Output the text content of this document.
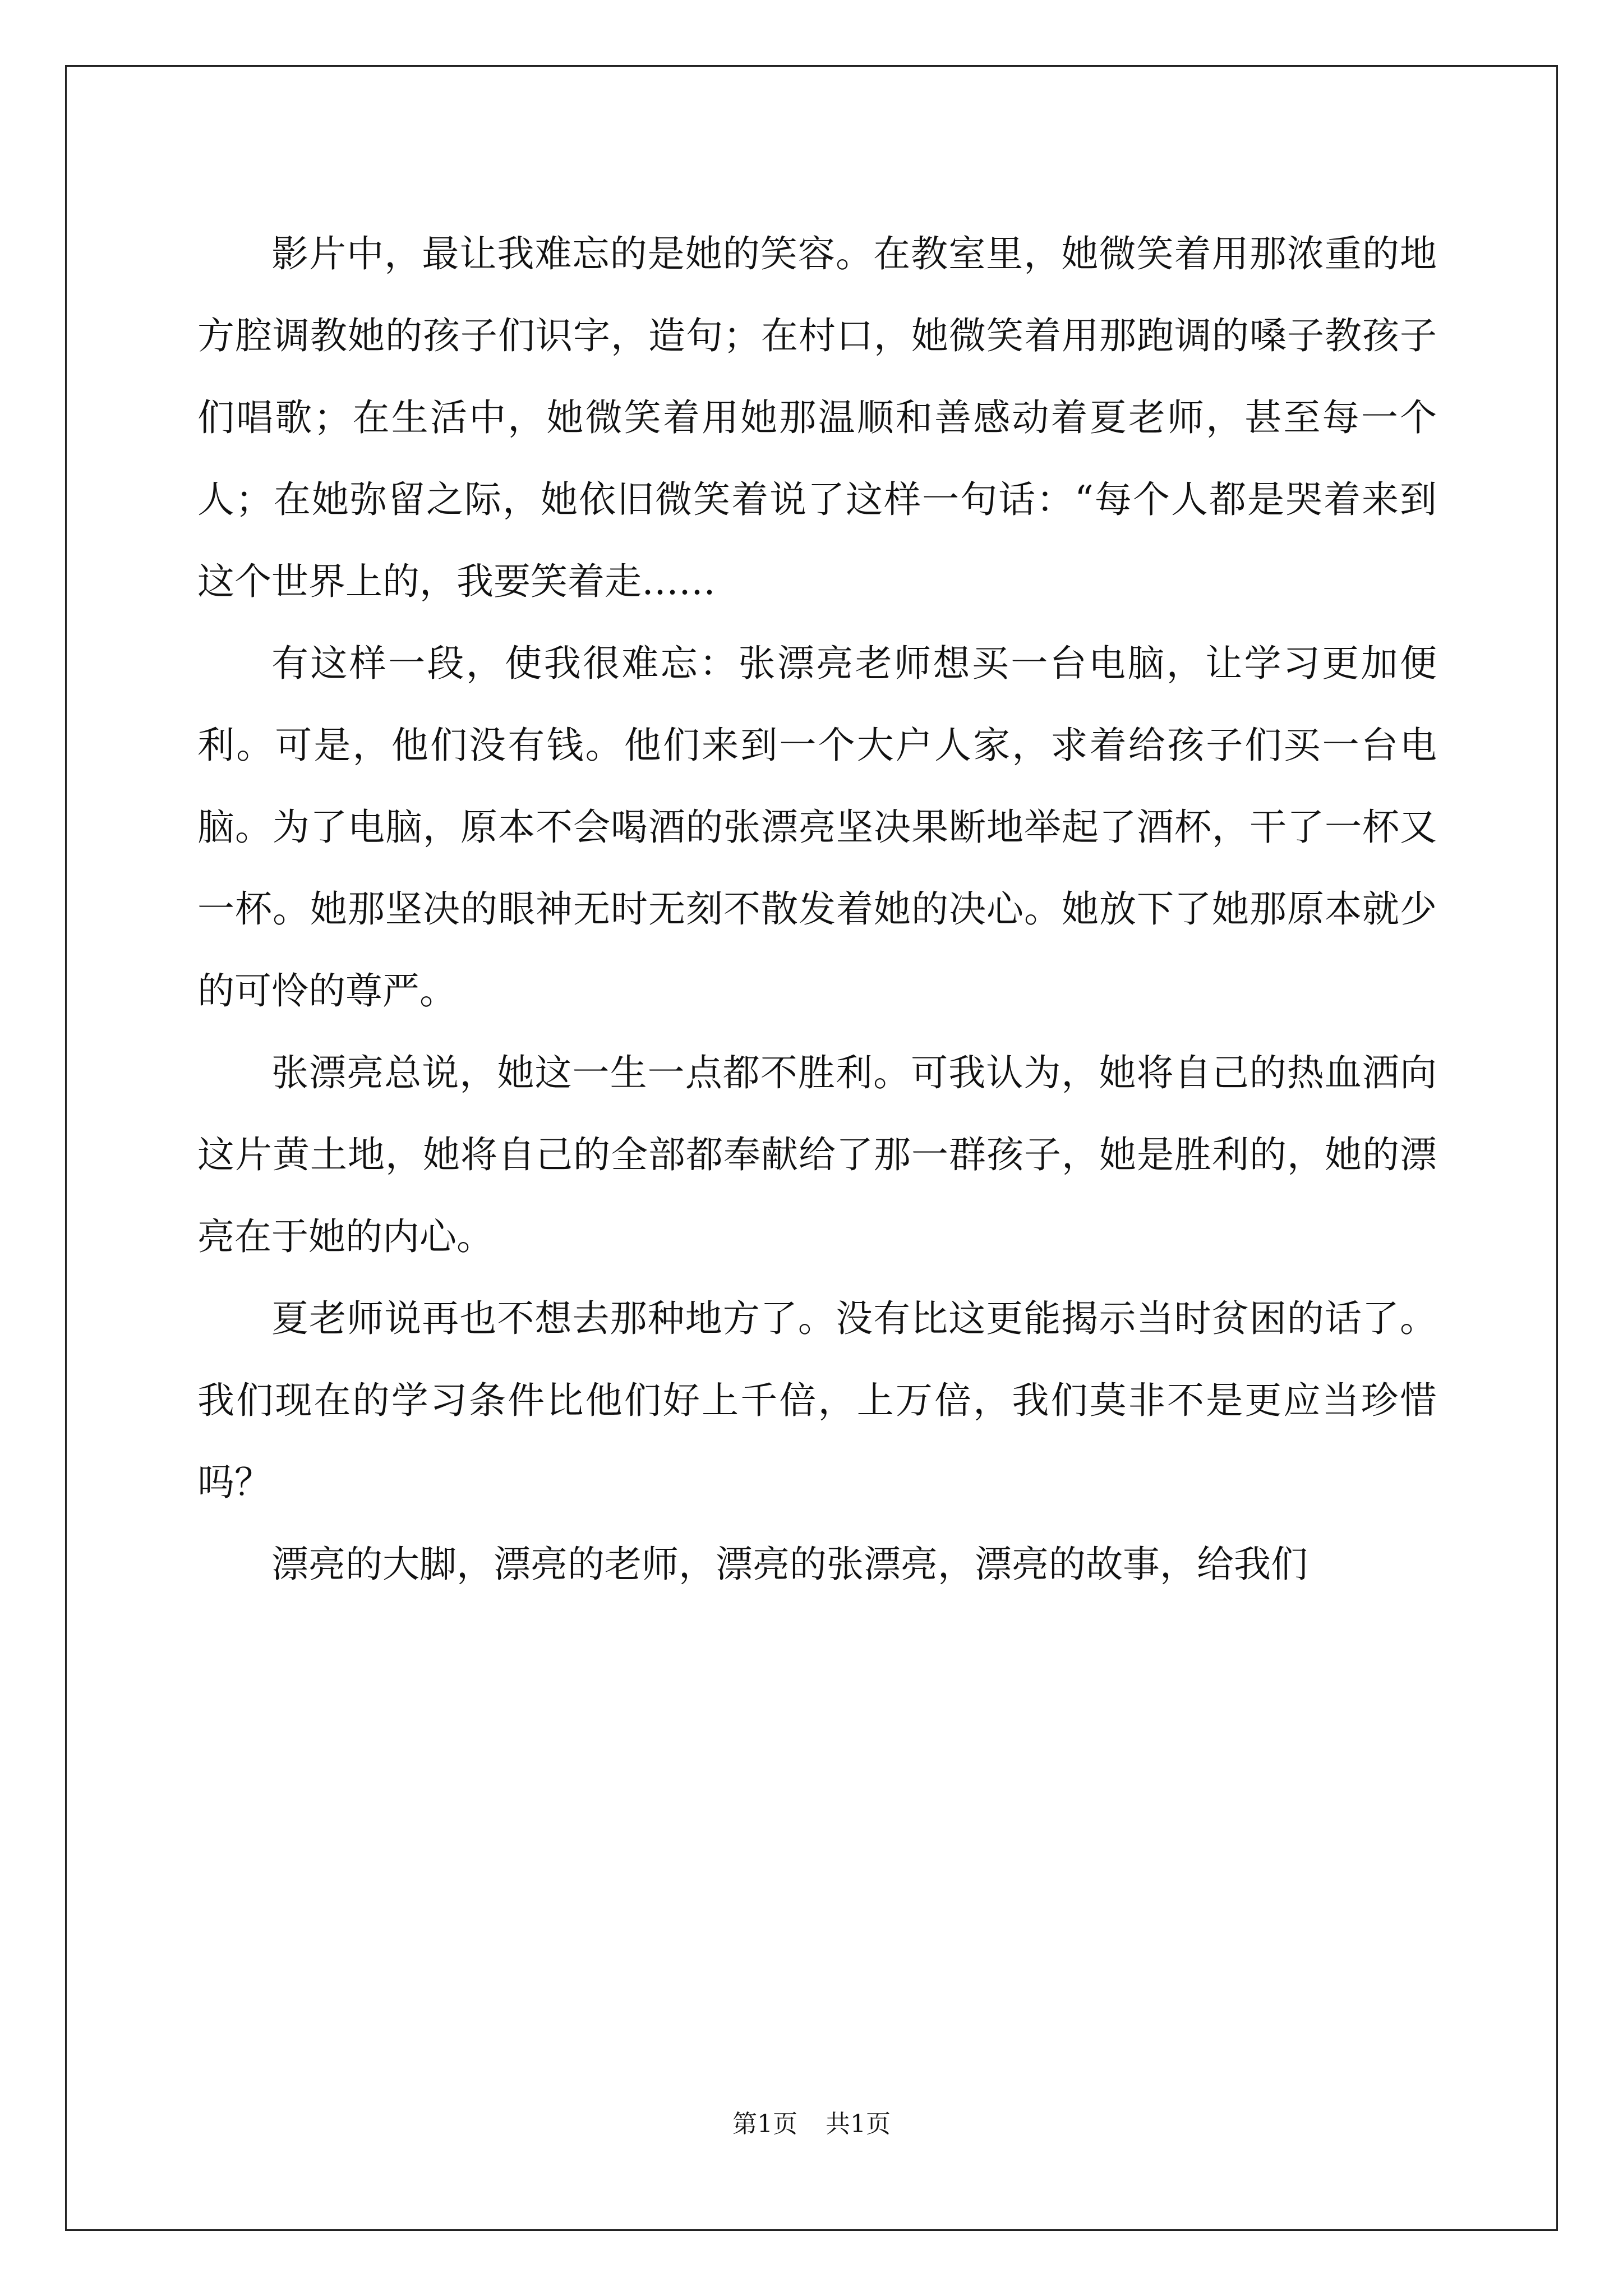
影片中，最让我难忘的是她的笑容。在教室里，她微笑着用那浓重的地方腔调教她的孩子们识字，造句；在村口，她微笑着用那跑调的嗓子教孩子们唱歌；在生活中，她微笑着用她那温顺和善感动着夏老师，甚至每一个人；在她弥留之际，她依旧微笑着说了这样一句话：“每个人都是哭着来到这个世界上的，我要笑着走……

有这样一段，使我很难忘：张漂亮老师想买一台电脑，让学习更加便利。可是，他们没有钱。他们来到一个大户人家，求着给孩子们买一台电脑。为了电脑，原本不会喝酒的张漂亮坚决果断地举起了酒杯，干了一杯又一杯。她那坚决的眼神无时无刻不散发着她的决心。她放下了她那原本就少的可怜的尊严。

张漂亮总说，她这一生一点都不胜利。可我认为，她将自己的热血洒向这片黄土地，她将自己的全部都奉献给了那一群孩子，她是胜利的，她的漂亮在于她的内心。

夏老师说再也不想去那种地方了。没有比这更能揭示当时贫困的话了。我们现在的学习条件比他们好上千倍，上万倍，我们莫非不是更应当珍惜吗？

漂亮的大脚，漂亮的老师，漂亮的张漂亮，漂亮的故事，给我们

第1页 共1页
